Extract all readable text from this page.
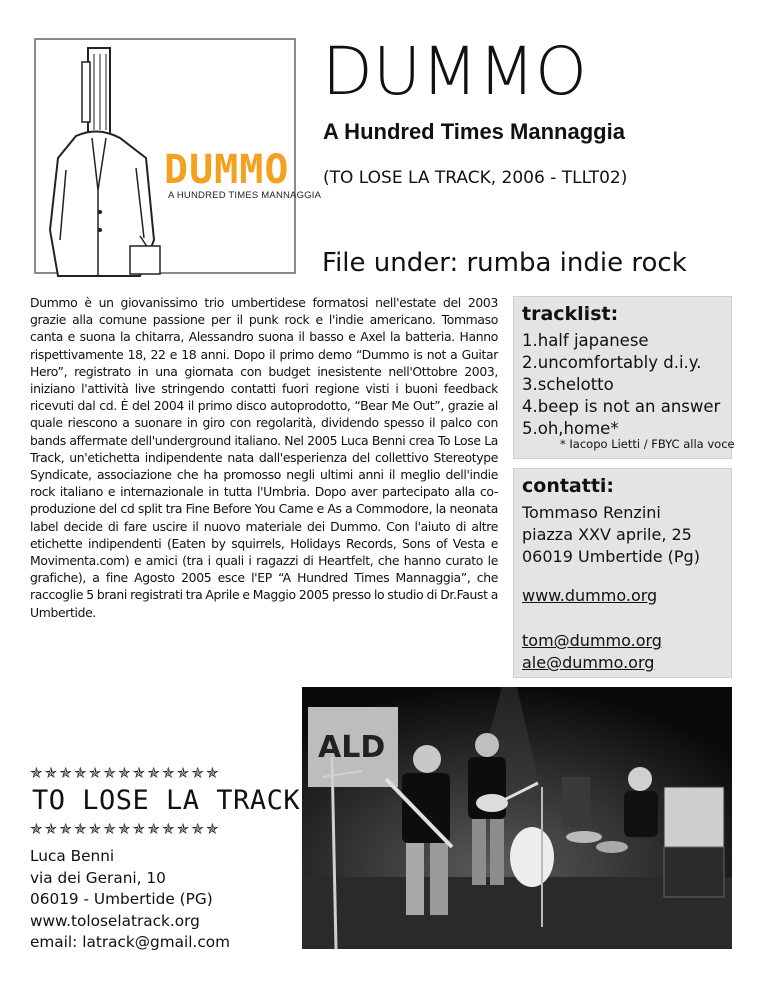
DUMMO
A HUNDRED TIMES MANNAGGIA
DUMMO
A Hundred Times Mannaggia
(TO LOSE LA TRACK, 2006 - TLLT02)
File under: rumba indie rock
Dummo è un giovanissimo trio umbertidese formatosi nell'estate del 2003 grazie alla comune passione per il punk rock e l'indie americano. Tommaso canta e suona la chitarra, Alessandro suona il basso e Axel la batteria. Hanno rispettivamente 18, 22 e 18 anni. Dopo il primo demo “Dummo is not a Guitar Hero”, registrato in una giornata con budget inesistente nell'Ottobre 2003, iniziano l'attività live stringendo contatti fuori regione visti i buoni feedback ricevuti dal cd. È del 2004 il primo disco autoprodotto, “Bear Me Out”, grazie al quale riescono a suonare in giro con regolarità, dividendo spesso il palco con bands affermate dell'underground italiano. Nel 2005 Luca Benni crea To Lose La Track, un'etichetta indipendente nata dall'esperienza del collettivo Stereotype Syndicate, associazione che ha promosso negli ultimi anni il meglio dell'indie rock italiano e internazionale in tutta l'Umbria. Dopo aver partecipato alla co-produzione del cd split tra Fine Before You Came e As a Commodore, la neonata label decide di fare uscire il nuovo materiale dei Dummo. Con l'aiuto di altre etichette indipendenti (Eaten by squirrels, Holidays Records, Sons of Vesta e Movimenta.com) e amici (tra i quali i ragazzi di Heartfelt, che hanno curato le grafiche), a fine Agosto 2005 esce l'EP “A Hundred Times Mannaggia”, che raccoglie 5 brani registrati tra Aprile e Maggio 2005 presso lo studio di Dr.Faust a Umbertide.
tracklist:
1.half japanese
2.uncomfortably d.i.y.
3.schelotto
4.beep is not an answer
5.oh,home*
* Iacopo Lietti / FBYC alla voce
contatti:
Tommaso Renzini
piazza XXV aprile, 25
06019 Umbertide (Pg)
www.dummo.org
tom@dummo.org
ale@dummo.org
✯✯✯✯✯✯✯✯✯✯✯✯✯
TO LOSE LA TRACK
✯✯✯✯✯✯✯✯✯✯✯✯✯
Luca Benni
via dei Gerani, 10
06019 - Umbertide (PG)
www.toloselatrack.org
email: latrack@gmail.com
ALD
